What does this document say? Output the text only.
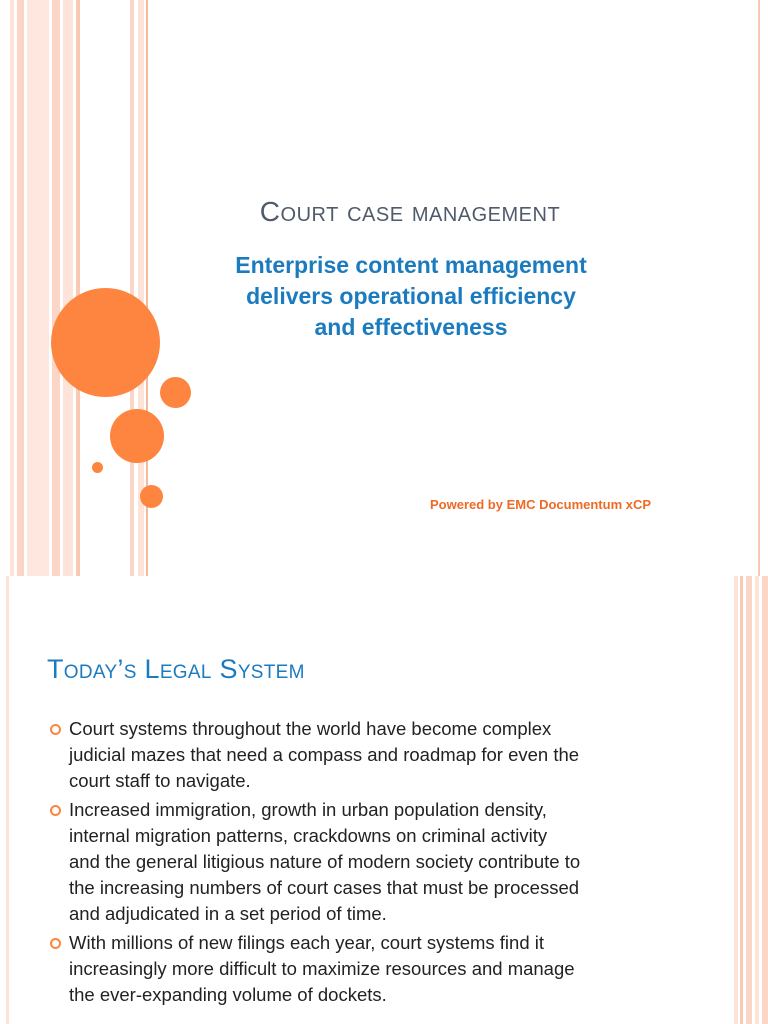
Court case management
Enterprise content management
delivers operational efficiency
and effectiveness

Powered by EMC Documentum xCP

Today’s Legal System
Court systems throughout the world have become complex
judicial mazes that need a compass and roadmap for even the
court staff to navigate.
Increased immigration, growth in urban population density,
internal migration patterns, crackdowns on criminal activity
and the general litigious nature of modern society contribute to
the increasing numbers of court cases that must be processed
and adjudicated in a set period of time.
With millions of new filings each year, court systems find it
increasingly more difficult to maximize resources and manage
the ever-expanding volume of dockets.
